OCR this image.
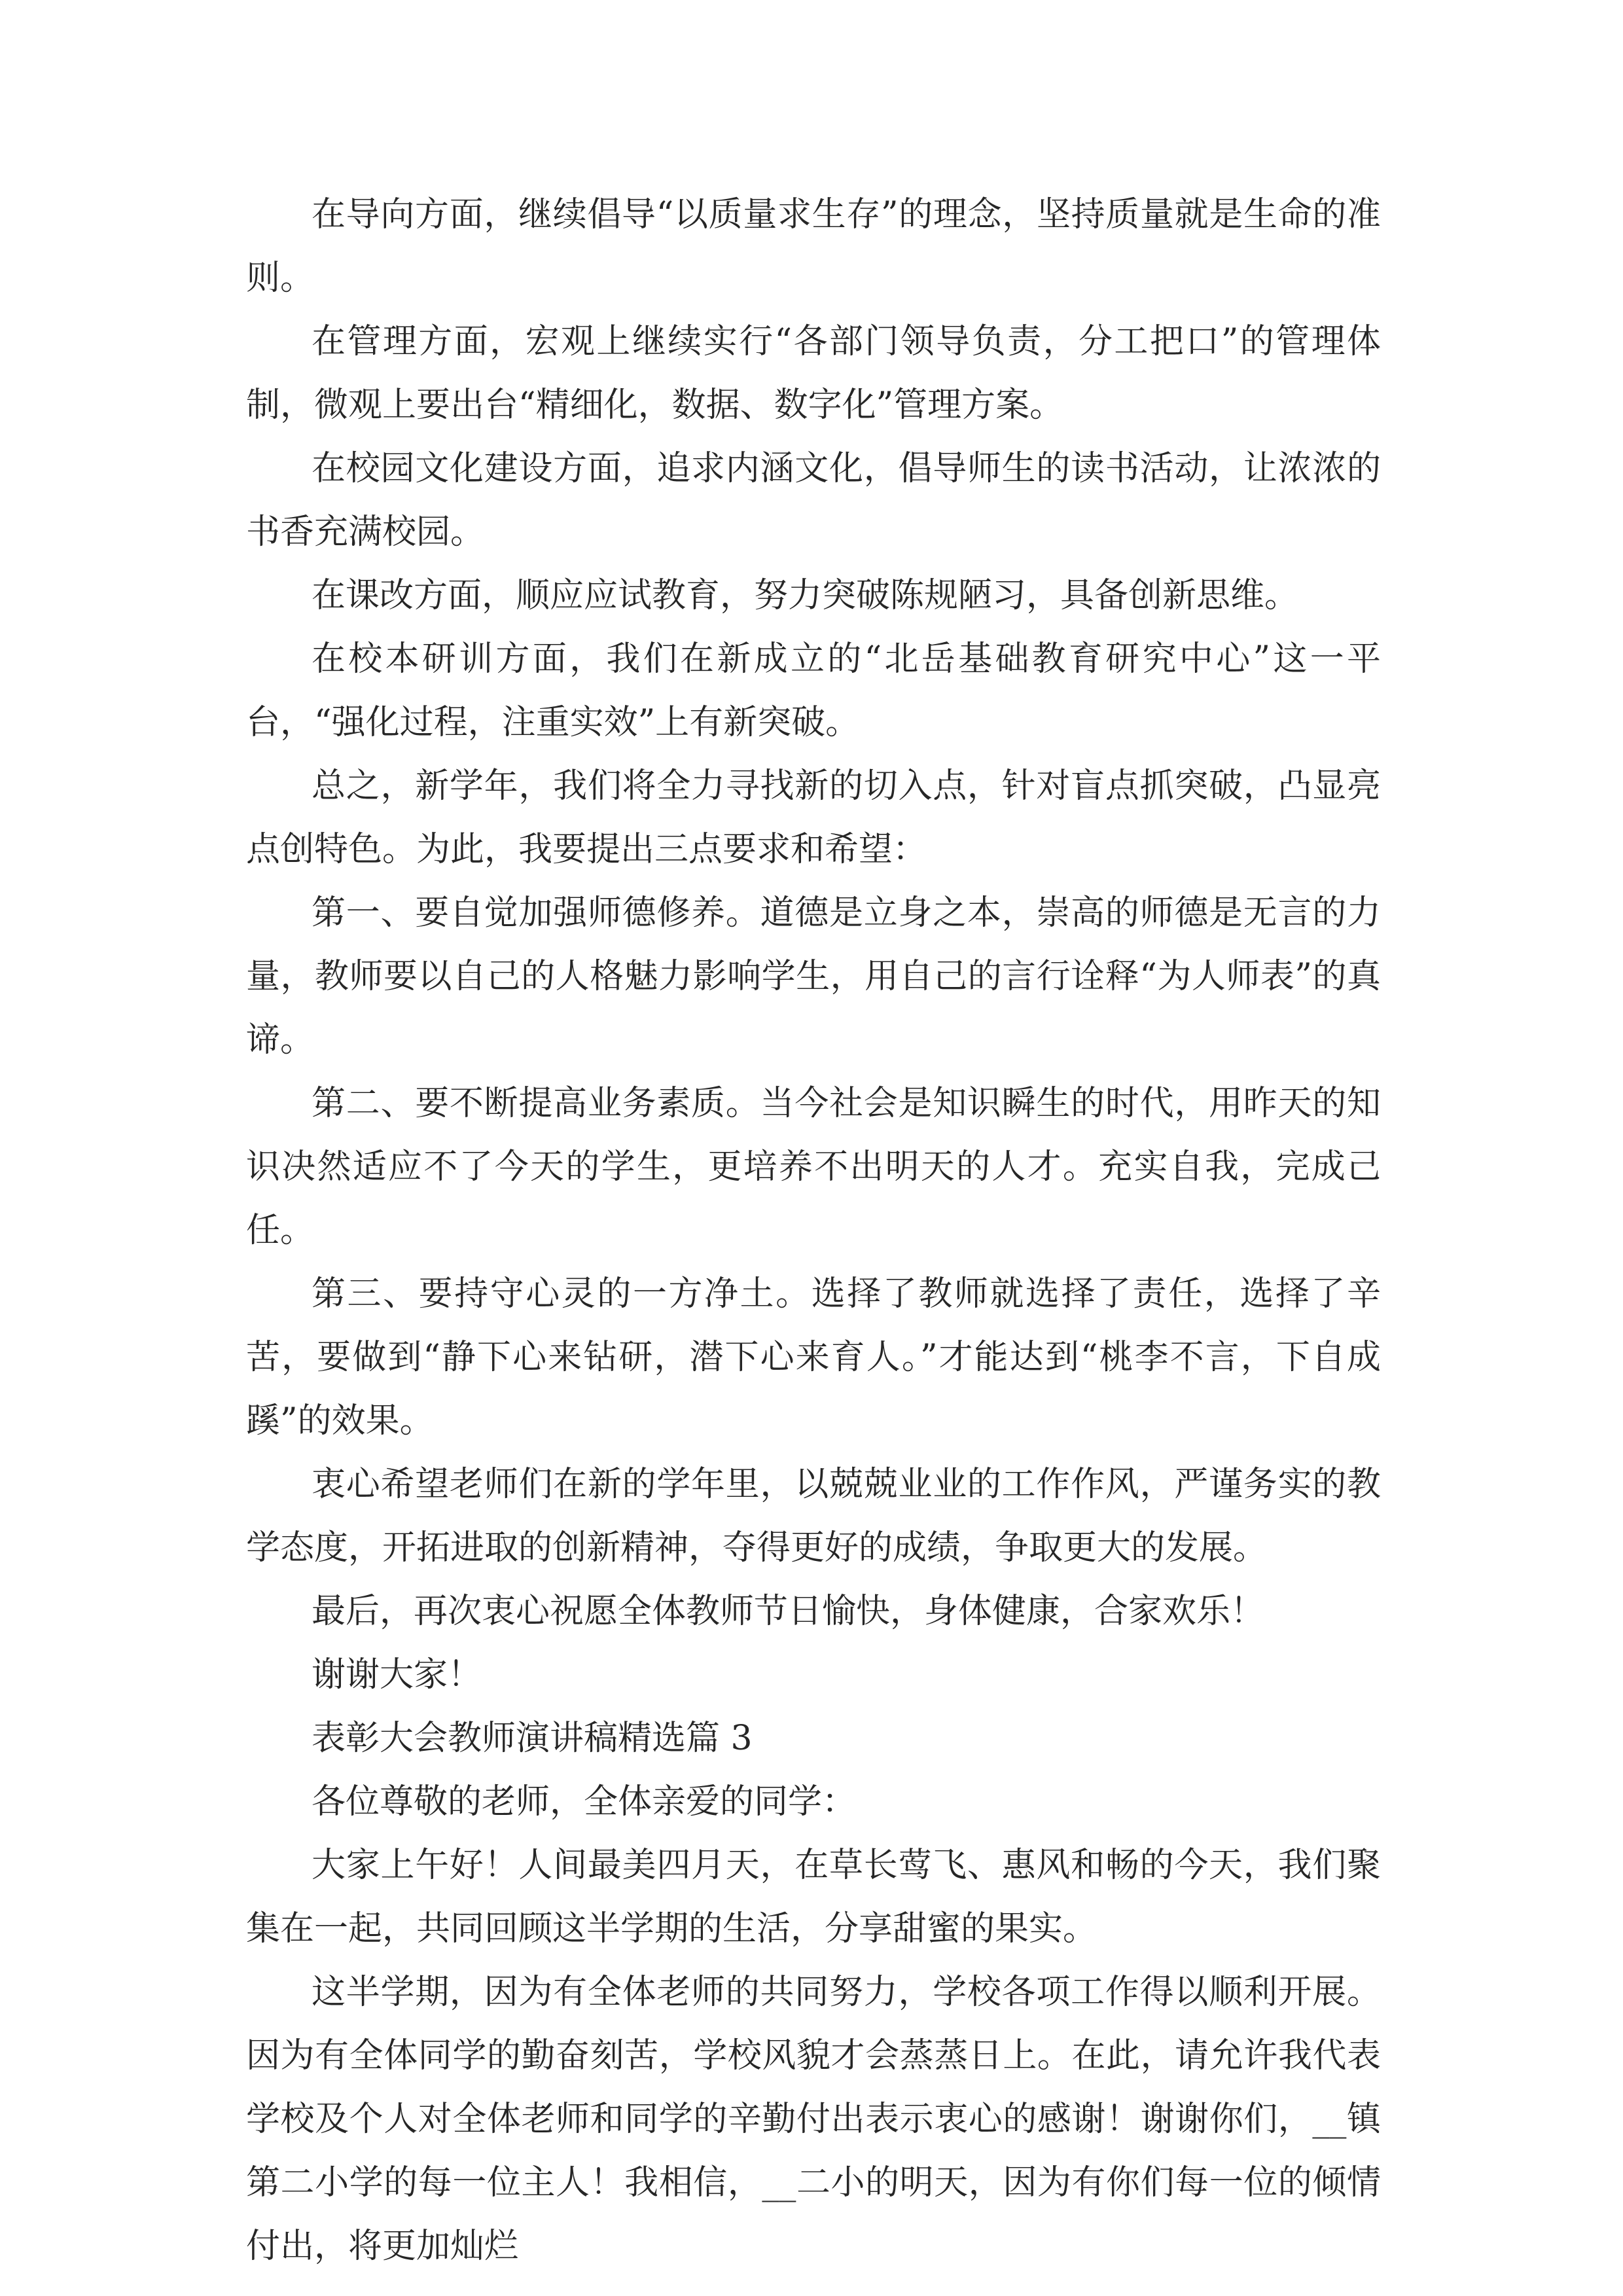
在导向方面，继续倡导“以质量求生存”的理念，坚持质量就是生命的准则。

在管理方面，宏观上继续实行“各部门领导负责，分工把口”的管理体制，微观上要出台“精细化，数据、数字化”管理方案。

在校园文化建设方面，追求内涵文化，倡导师生的读书活动，让浓浓的书香充满校园。

在课改方面，顺应应试教育，努力突破陈规陋习，具备创新思维。

在校本研训方面，我们在新成立的“北岳基础教育研究中心”这一平台，“强化过程，注重实效”上有新突破。

总之，新学年，我们将全力寻找新的切入点，针对盲点抓突破，凸显亮点创特色。为此，我要提出三点要求和希望：

第一、要自觉加强师德修养。道德是立身之本，崇高的师德是无言的力量，教师要以自己的人格魅力影响学生，用自己的言行诠释“为人师表”的真谛。

第二、要不断提高业务素质。当今社会是知识瞬生的时代，用昨天的知识决然适应不了今天的学生，更培养不出明天的人才。充实自我，完成己任。

第三、要持守心灵的一方净土。选择了教师就选择了责任，选择了辛苦，要做到“静下心来钻研，潜下心来育人。”才能达到“桃李不言，下自成蹊”的效果。

衷心希望老师们在新的学年里，以兢兢业业的工作作风，严谨务实的教学态度，开拓进取的创新精神，夺得更好的成绩，争取更大的发展。

最后，再次衷心祝愿全体教师节日愉快，身体健康，合家欢乐！

谢谢大家！

表彰大会教师演讲稿精选篇 3

各位尊敬的老师，全体亲爱的同学：

大家上午好！人间最美四月天，在草长莺飞、惠风和畅的今天，我们聚集在一起，共同回顾这半学期的生活，分享甜蜜的果实。

这半学期，因为有全体老师的共同努力，学校各项工作得以顺利开展。因为有全体同学的勤奋刻苦，学校风貌才会蒸蒸日上。在此，请允许我代表学校及个人对全体老师和同学的辛勤付出表示衷心的感谢！谢谢你们，__镇第二小学的每一位主人！我相信，__二小的明天，因为有你们每一位的倾情付出，将更加灿烂
